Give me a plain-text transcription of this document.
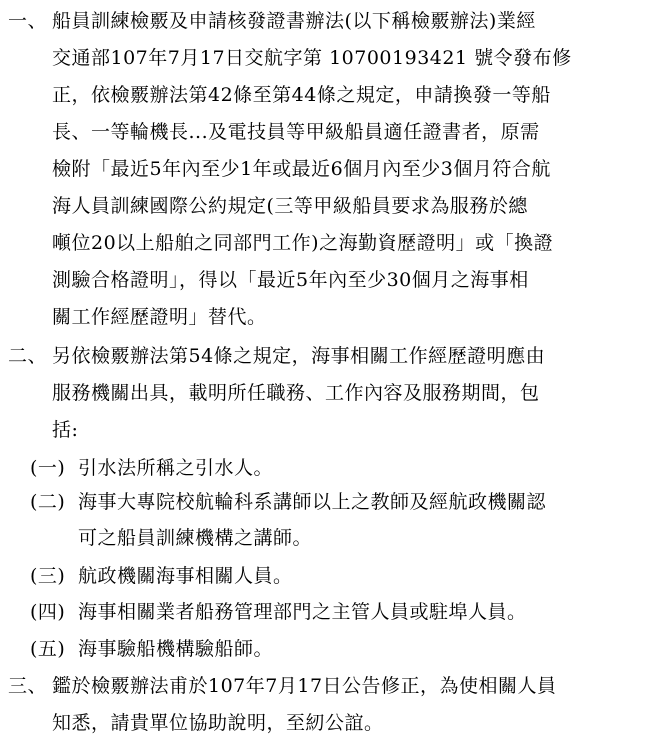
一、 船員訓練檢覈及申請核發證書辦法(以下稱檢覈辦法)業經
交通部107年7月17日交航字第 10700193421 號令發布修
正，依檢覈辦法第42條至第44條之規定，申請換發一等船
長、一等輪機長...及電技員等甲級船員適任證書者，原需
檢附「最近5年內至少1年或最近6個月內至少3個月符合航
海人員訓練國際公約規定(三等甲級船員要求為服務於總
噸位20以上船舶之同部門工作)之海勤資歷證明」或「換證
測驗合格證明」，得以「最近5年內至少30個月之海事相
關工作經歷證明」替代。
二、 另依檢覈辦法第54條之規定，海事相關工作經歷證明應由
服務機關出具，載明所任職務、工作內容及服務期間，包
括:
(一) 引水法所稱之引水人。
(二) 海事大專院校航輪科系講師以上之教師及經航政機關認
可之船員訓練機構之講師。
(三) 航政機關海事相關人員。
(四) 海事相關業者船務管理部門之主管人員或駐埠人員。
(五) 海事驗船機構驗船師。
三、 鑑於檢覈辦法甫於107年7月17日公告修正，為使相關人員
知悉，請貴單位協助說明，至紉公誼。
